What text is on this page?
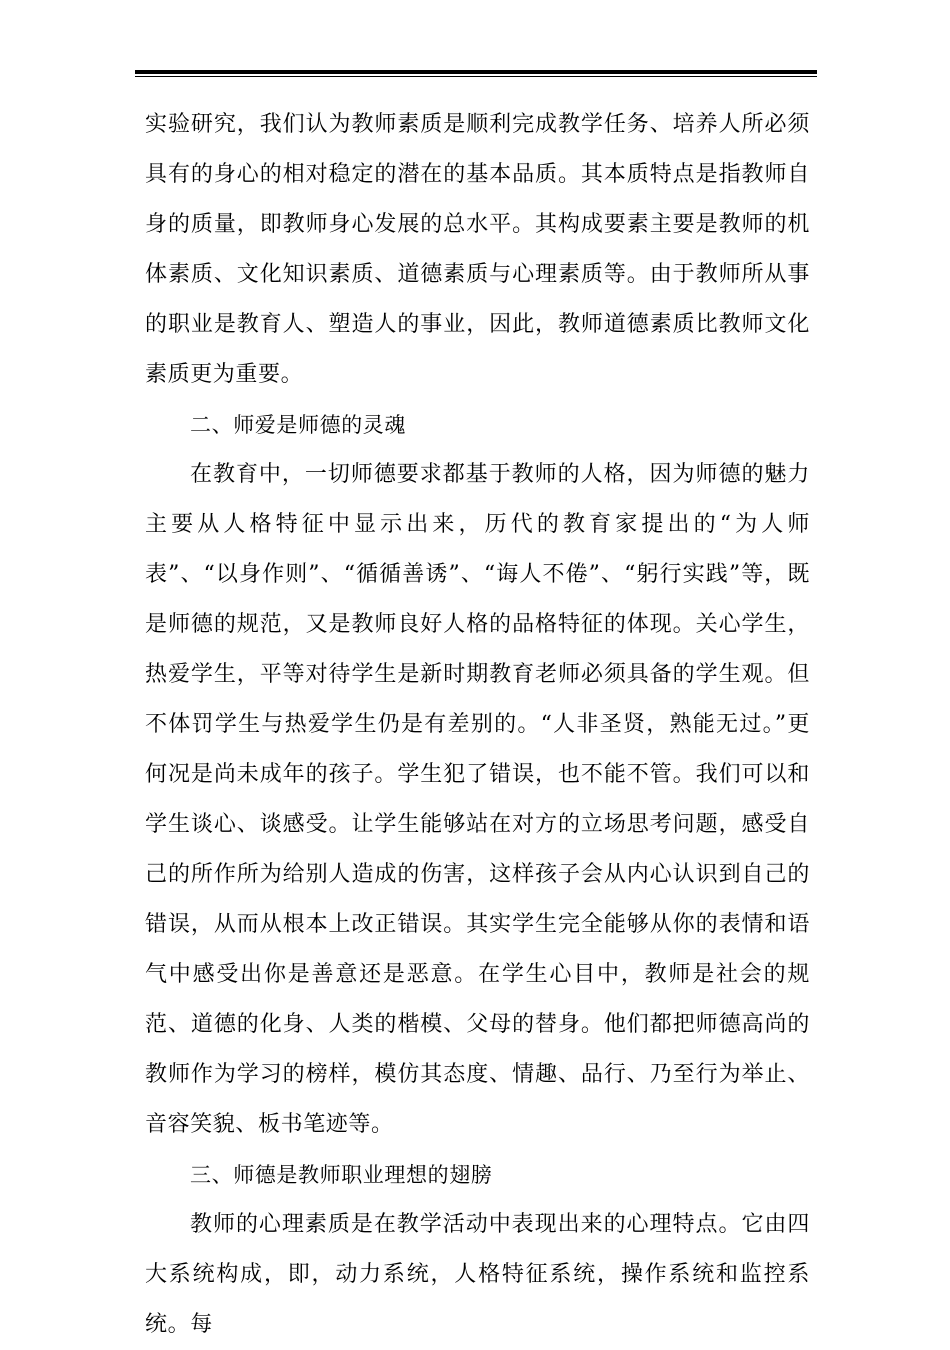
实验研究，我们认为教师素质是顺利完成教学任务、培养人所必须具有的身心的相对稳定的潜在的基本品质。其本质特点是指教师自身的质量，即教师身心发展的总水平。其构成要素主要是教师的机体素质、文化知识素质、道德素质与心理素质等。由于教师所从事的职业是教育人、塑造人的事业，因此，教师道德素质比教师文化素质更为重要。

二、师爱是师德的灵魂

在教育中，一切师德要求都基于教师的人格，因为师德的魅力主要从人格特征中显示出来，历代的教育家提出的“为人师表”、“以身作则”、“循循善诱”、“诲人不倦”、“躬行实践”等，既是师德的规范，又是教师良好人格的品格特征的体现。关心学生，热爱学生，平等对待学生是新时期教育老师必须具备的学生观。但不体罚学生与热爱学生仍是有差别的。“人非圣贤，熟能无过。”更何况是尚未成年的孩子。学生犯了错误，也不能不管。我们可以和学生谈心、谈感受。让学生能够站在对方的立场思考问题，感受自己的所作所为给别人造成的伤害，这样孩子会从内心认识到自己的错误，从而从根本上改正错误。其实学生完全能够从你的表情和语气中感受出你是善意还是恶意。在学生心目中，教师是社会的规范、道德的化身、人类的楷模、父母的替身。他们都把师德高尚的教师作为学习的榜样，模仿其态度、情趣、品行、乃至行为举止、音容笑貌、板书笔迹等。

三、师德是教师职业理想的翅膀

教师的心理素质是在教学活动中表现出来的心理特点。它由四大系统构成，即，动力系统，人格特征系统，操作系统和监控系统。每
